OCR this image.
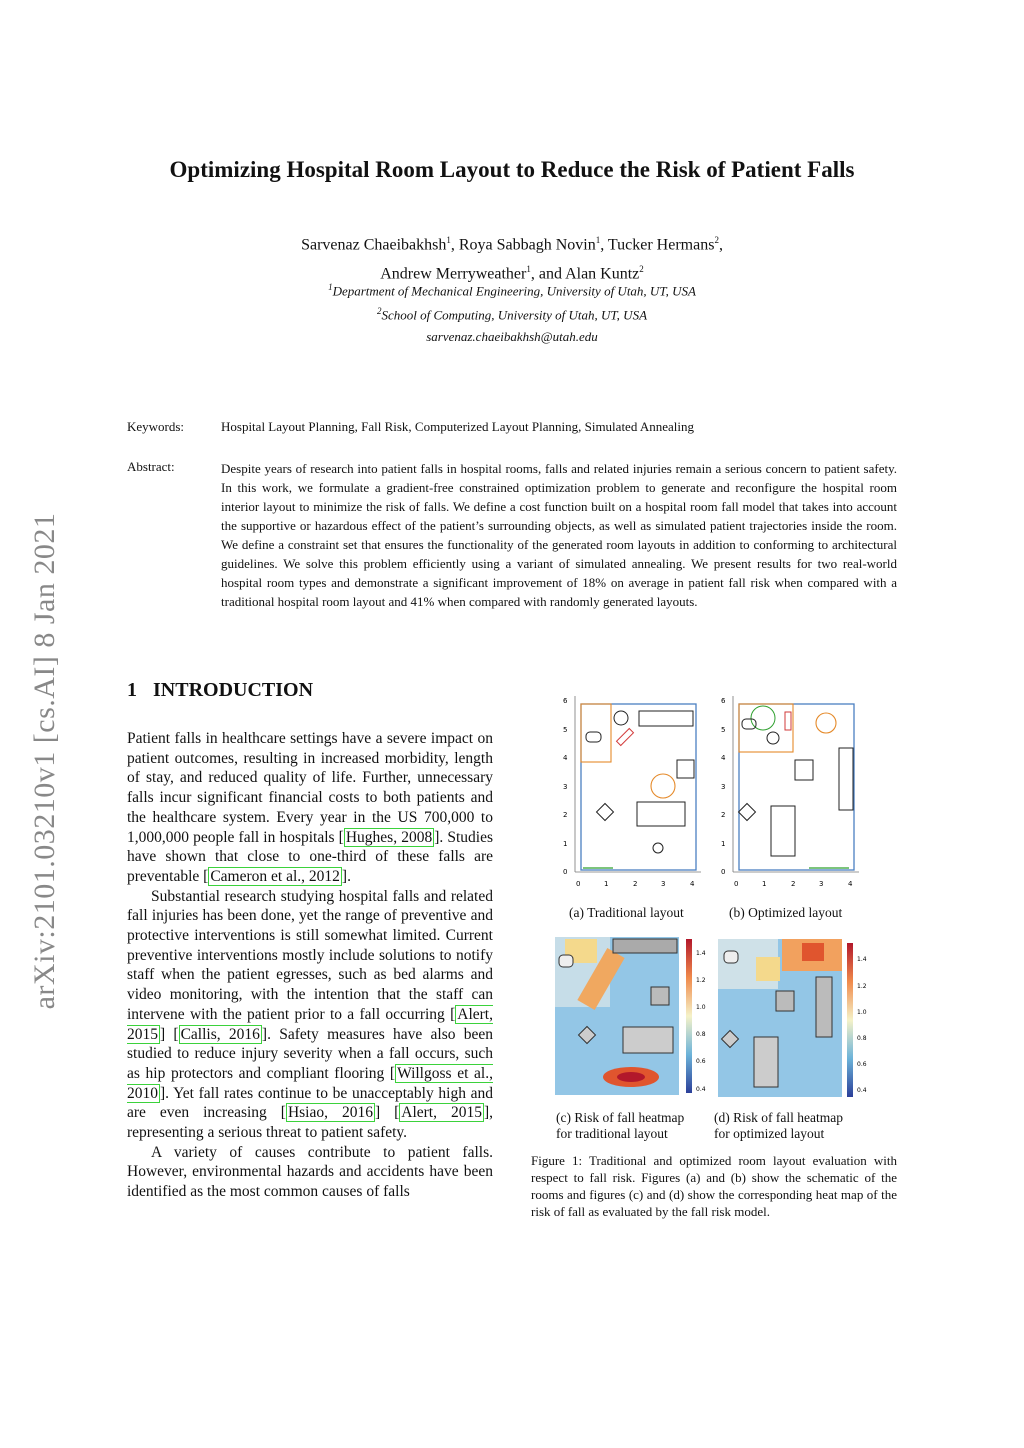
Optimizing Hospital Room Layout to Reduce the Risk of Patient Falls
Sarvenaz Chaeibakhsh$^1$, Roya Sabbagh Novin$^1$, Tucker Hermans$^2$,
Andrew Merryweather$^1$, and Alan Kuntz$^2$
$^1$Department of Mechanical Engineering, University of Utah, UT, USA
$^2$School of Computing, University of Utah, UT, USA
sarvenaz.chaeibakhsh@utah.edu
Keywords:	Hospital Layout Planning, Fall Risk, Computerized Layout Planning, Simulated Annealing
Abstract:	Despite years of research into patient falls in hospital rooms, falls and related injuries remain a serious concern to patient safety. In this work, we formulate a gradient-free constrained optimization problem to generate and reconfigure the hospital room interior layout to minimize the risk of falls. We define a cost function built on a hospital room fall model that takes into account the supportive or hazardous effect of the patient’s surrounding objects, as well as simulated patient trajectories inside the room. We define a constraint set that ensures the functionality of the generated room layouts in addition to conforming to architectural guidelines. We solve this problem efficiently using a variant of simulated annealing. We present results for two real-world hospital room types and demonstrate a significant improvement of 18% on average in patient fall risk when compared with a traditional hospital room layout and 41% when compared with randomly generated layouts.
arXiv:2101.03210v1 [cs.AI] 8 Jan 2021	1 INTRODUCTION

Patient falls in healthcare settings have a severe impact on patient outcomes, resulting in increased morbidity, length of stay, and reduced quality of life. Further, unnecessary falls incur significant financial costs to both patients and the healthcare system. Every year in the US 700,000 to 1,000,000 people fall in hospitals [ Hughes, 2008 ]. Studies have shown that close to one-third of these falls are preventable [ Cameron et al., 2012 ].

Substantial research studying hospital falls and related fall injuries has been done, yet the range of preventive and protective interventions is still somewhat limited. Current preventive interventions mostly include solutions to notify staff when the patient egresses, such as bed alarms and video monitoring, with the intention that the staff can intervene with the patient prior to a fall occurring [ Alert, 2015 ] [ Callis, 2016 ]. Safety measures have also been studied to reduce injury severity when a fall occurs, such as hip protectors and compliant flooring [ Willgoss et al., 2010 ]. Yet fall rates continue to be unacceptably high and are even increasing [ Hsiao, 2016 ] [ Alert, 2015 ], representing a serious threat to patient safety.

A variety of causes contribute to patient falls. However, environmental hazards and accidents have been identified as the most common causes of falls

0
1
2
3
4
5
6
0	1	2	3	4
0
1
2
3
4
5
6
0	1	2	3	4
(a) Traditional layout	(b) Optimized layout
1.4
1.2
1.0
0.8
0.6
0.4
1.4
1.2
1.0
0.8
0.6
0.4
(c) Risk of fall heatmap
for traditional layout
(d) Risk of fall heatmap
for optimized layout
Figure 1: Traditional and optimized room layout evaluation with respect to fall risk. Figures (a) and (b) show the schematic of the rooms and figures (c) and (d) show the corresponding heat map of the risk of fall as evaluated by the fall risk model.
